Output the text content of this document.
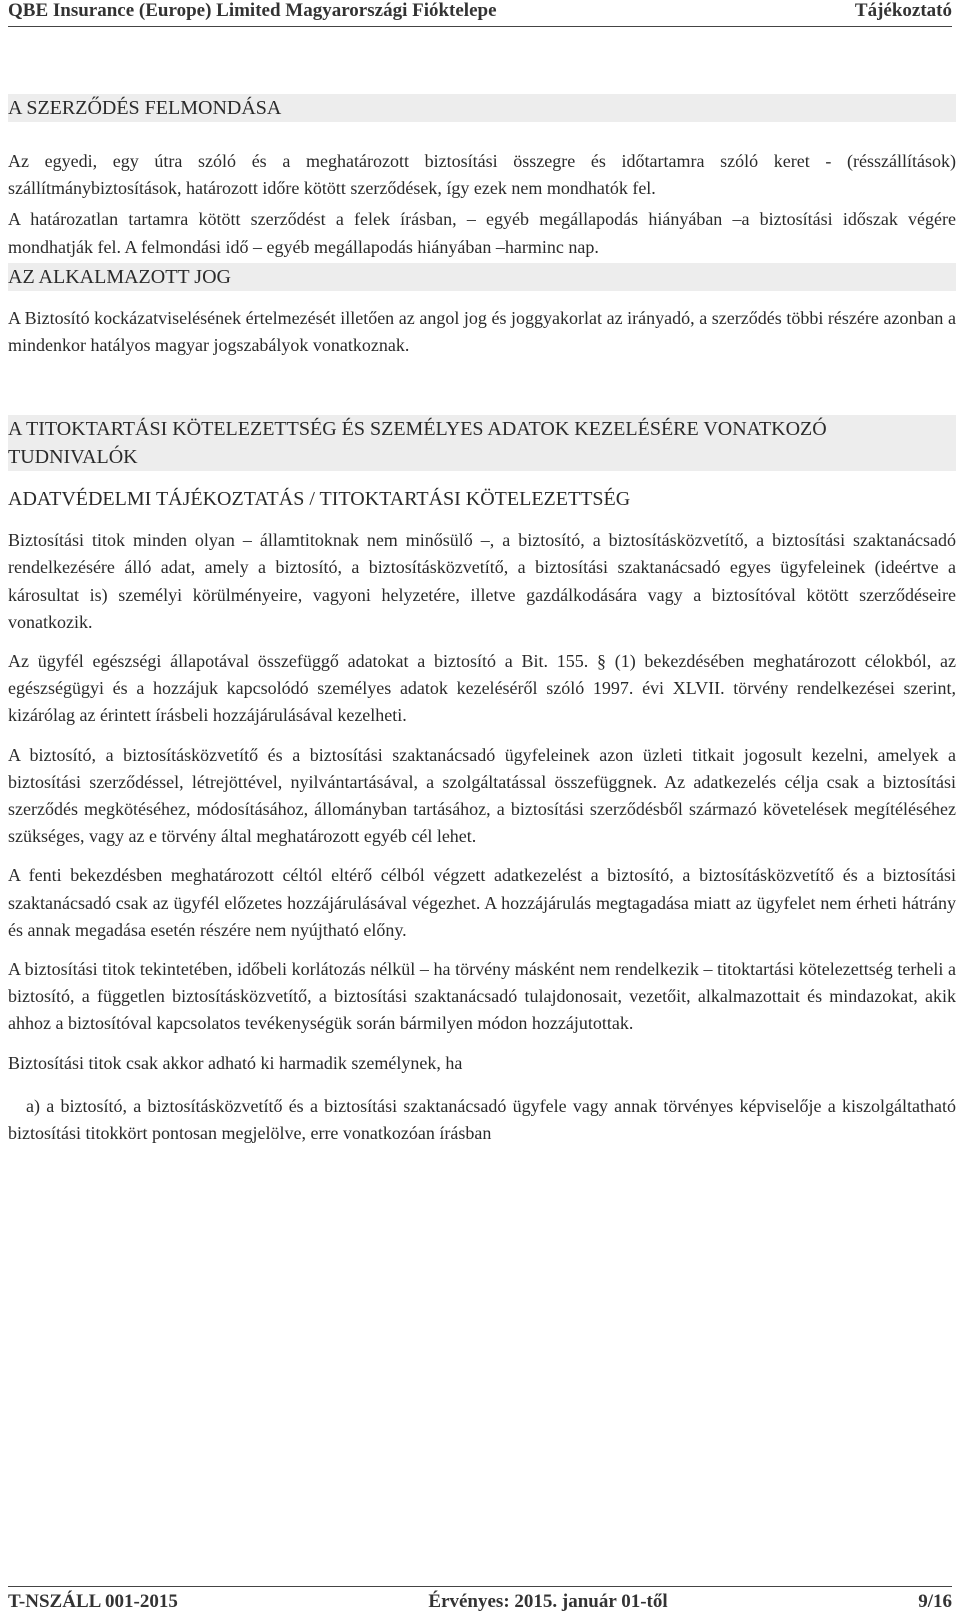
QBE Insurance (Europe) Limited Magyarországi Fióktelepe	Tájékoztató
A SZERZŐDÉS FELMONDÁSA

Az egyedi, egy útra szóló és a meghatározott biztosítási összegre és időtartamra szóló keret - (résszállítások) szállítmánybiztosítások, határozott időre kötött szerződések, így ezek nem mondhatók fel.

A határozatlan tartamra kötött szerződést a felek írásban, – egyéb megállapodás hiányában –a biztosítási időszak végére mondhatják fel. A felmondási idő – egyéb megállapodás hiányában –harminc nap.

AZ ALKALMAZOTT JOG

A Biztosító kockázatviselésének értelmezését illetően az angol jog és joggyakorlat az irányadó, a szerződés többi részére azonban a mindenkor hatályos magyar jogszabályok vonatkoznak.

A TITOKTARTÁSI KÖTELEZETTSÉG ÉS SZEMÉLYES ADATOK KEZELÉSÉRE VONATKOZÓ TUDNIVALÓK
ADATVÉDELMI TÁJÉKOZTATÁS / TITOKTARTÁSI KÖTELEZETTSÉG

Biztosítási titok minden olyan – államtitoknak nem minősülő –, a biztosító, a biztosításközvetítő, a biztosítási szaktanácsadó rendelkezésére álló adat, amely a biztosító, a biztosításközvetítő, a biztosítási szaktanácsadó egyes ügyfeleinek (ideértve a károsultat is) személyi körülményeire, vagyoni helyzetére, illetve gazdálkodására vagy a biztosítóval kötött szerződéseire vonatkozik.

Az ügyfél egészségi állapotával összefüggő adatokat a biztosító a Bit. 155. § (1) bekezdésében meghatározott célokból, az egészségügyi és a hozzájuk kapcsolódó személyes adatok kezeléséről szóló 1997. évi XLVII. törvény rendelkezései szerint, kizárólag az érintett írásbeli hozzájárulásával kezelheti.

A biztosító, a biztosításközvetítő és a biztosítási szaktanácsadó ügyfeleinek azon üzleti titkait jogosult kezelni, amelyek a biztosítási szerződéssel, létrejöttével, nyilvántartásával, a szolgáltatással összefüggnek. Az adatkezelés célja csak a biztosítási szerződés megkötéséhez, módosításához, állományban tartásához, a biztosítási szerződésből származó követelések megítéléséhez szükséges, vagy az e törvény által meghatározott egyéb cél lehet.

A fenti bekezdésben meghatározott céltól eltérő célból végzett adatkezelést a biztosító, a biztosításközvetítő és a biztosítási szaktanácsadó csak az ügyfél előzetes hozzájárulásával végezhet. A hozzájárulás megtagadása miatt az ügyfelet nem érheti hátrány és annak megadása esetén részére nem nyújtható előny.

A biztosítási titok tekintetében, időbeli korlátozás nélkül – ha törvény másként nem rendelkezik – titoktartási kötelezettség terheli a biztosító, a független biztosításközvetítő, a biztosítási szaktanácsadó tulajdonosait, vezetőit, alkalmazottait és mindazokat, akik ahhoz a biztosítóval kapcsolatos tevékenységük során bármilyen módon hozzájutottak.

Biztosítási titok csak akkor adható ki harmadik személynek, ha

a) a biztosító, a biztosításközvetítő és a biztosítási szaktanácsadó ügyfele vagy annak törvényes képviselője a kiszolgáltatható biztosítási titokkört pontosan megjelölve, erre vonatkozóan írásban

T-NSZÁLL 001-2015	Érvényes: 2015. január 01-től	9/16
